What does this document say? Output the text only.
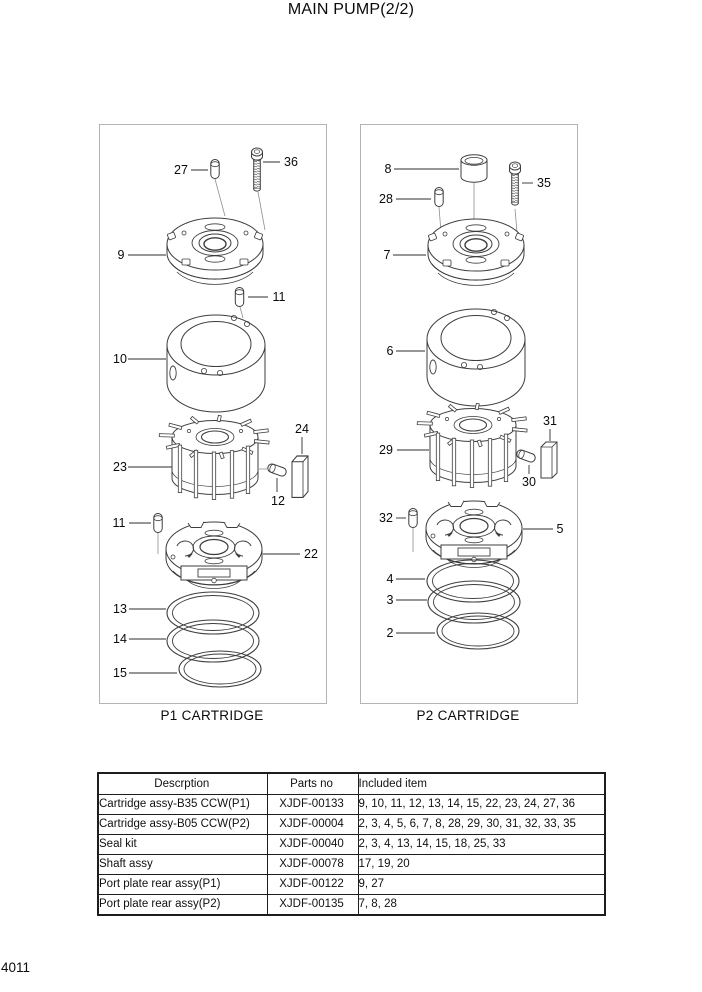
MAIN PUMP(2/2)
27
36
9
11
10
23
24
12
11
22
13
14
15
8
35
28
7
6
29
31
30
32
5
4
3
2
P1 CARTRIDGE	P2 CARTRIDGE
Descrption	Parts no	Included item
Cartridge assy-B35 CCW(P1)	XJDF-00133	9, 10, 11, 12, 13, 14, 15, 22, 23, 24, 27, 36
Cartridge assy-B05 CCW(P2)	XJDF-00004	2, 3, 4, 5, 6, 7, 8, 28, 29, 30, 31, 32, 33, 35
Seal kit	XJDF-00040	2, 3, 4, 13, 14, 15, 18, 25, 33
Shaft assy	XJDF-00078	17, 19, 20
Port plate rear assy(P1)	XJDF-00122	9, 27
Port plate rear assy(P2)	XJDF-00135	7, 8, 28
4011
